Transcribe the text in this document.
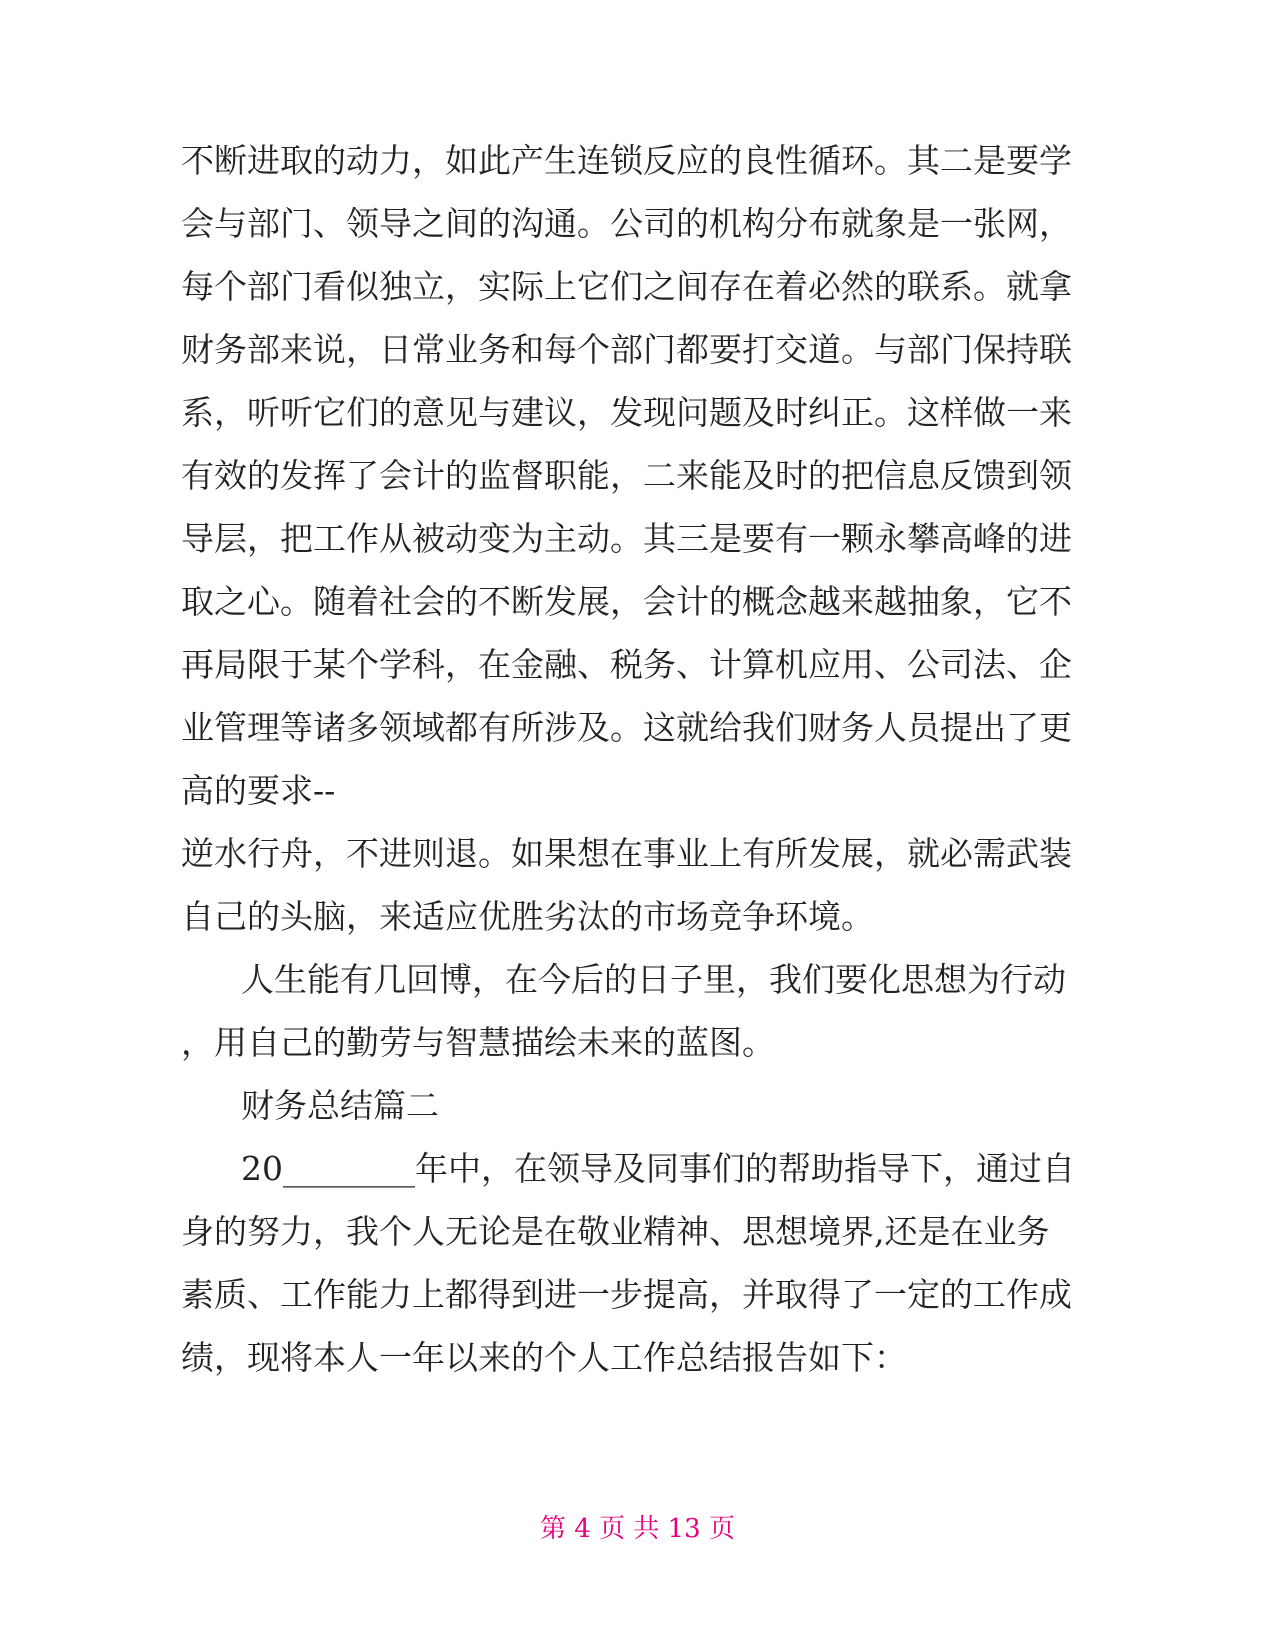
不断进取的动力，如此产生连锁反应的良性循环。其二是要学
会与部门、领导之间的沟通。公司的机构分布就象是一张网，
每个部门看似独立，实际上它们之间存在着必然的联系。就拿
财务部来说，日常业务和每个部门都要打交道。与部门保持联
系，听听它们的意见与建议，发现问题及时纠正。这样做一来
有效的发挥了会计的监督职能，二来能及时的把信息反馈到领
导层，把工作从被动变为主动。其三是要有一颗永攀高峰的进
取之心。随着社会的不断发展，会计的概念越来越抽象，它不
再局限于某个学科，在金融、税务、计算机应用、公司法、企
业管理等诸多领域都有所涉及。这就给我们财务人员提出了更
高的要求--
逆水行舟，不进则退。如果想在事业上有所发展，就必需武装
自己的头脑，来适应优胜劣汰的市场竞争环境。
人生能有几回博，在今后的日子里，我们要化思想为行动
，用自己的勤劳与智慧描绘未来的蓝图。
财务总结篇二
20________年中，在领导及同事们的帮助指导下，通过自
身的努力，我个人无论是在敬业精神、思想境界,还是在业务
素质、工作能力上都得到进一步提高，并取得了一定的工作成
绩，现将本人一年以来的个人工作总结报告如下：
第 4 页 共 13 页
